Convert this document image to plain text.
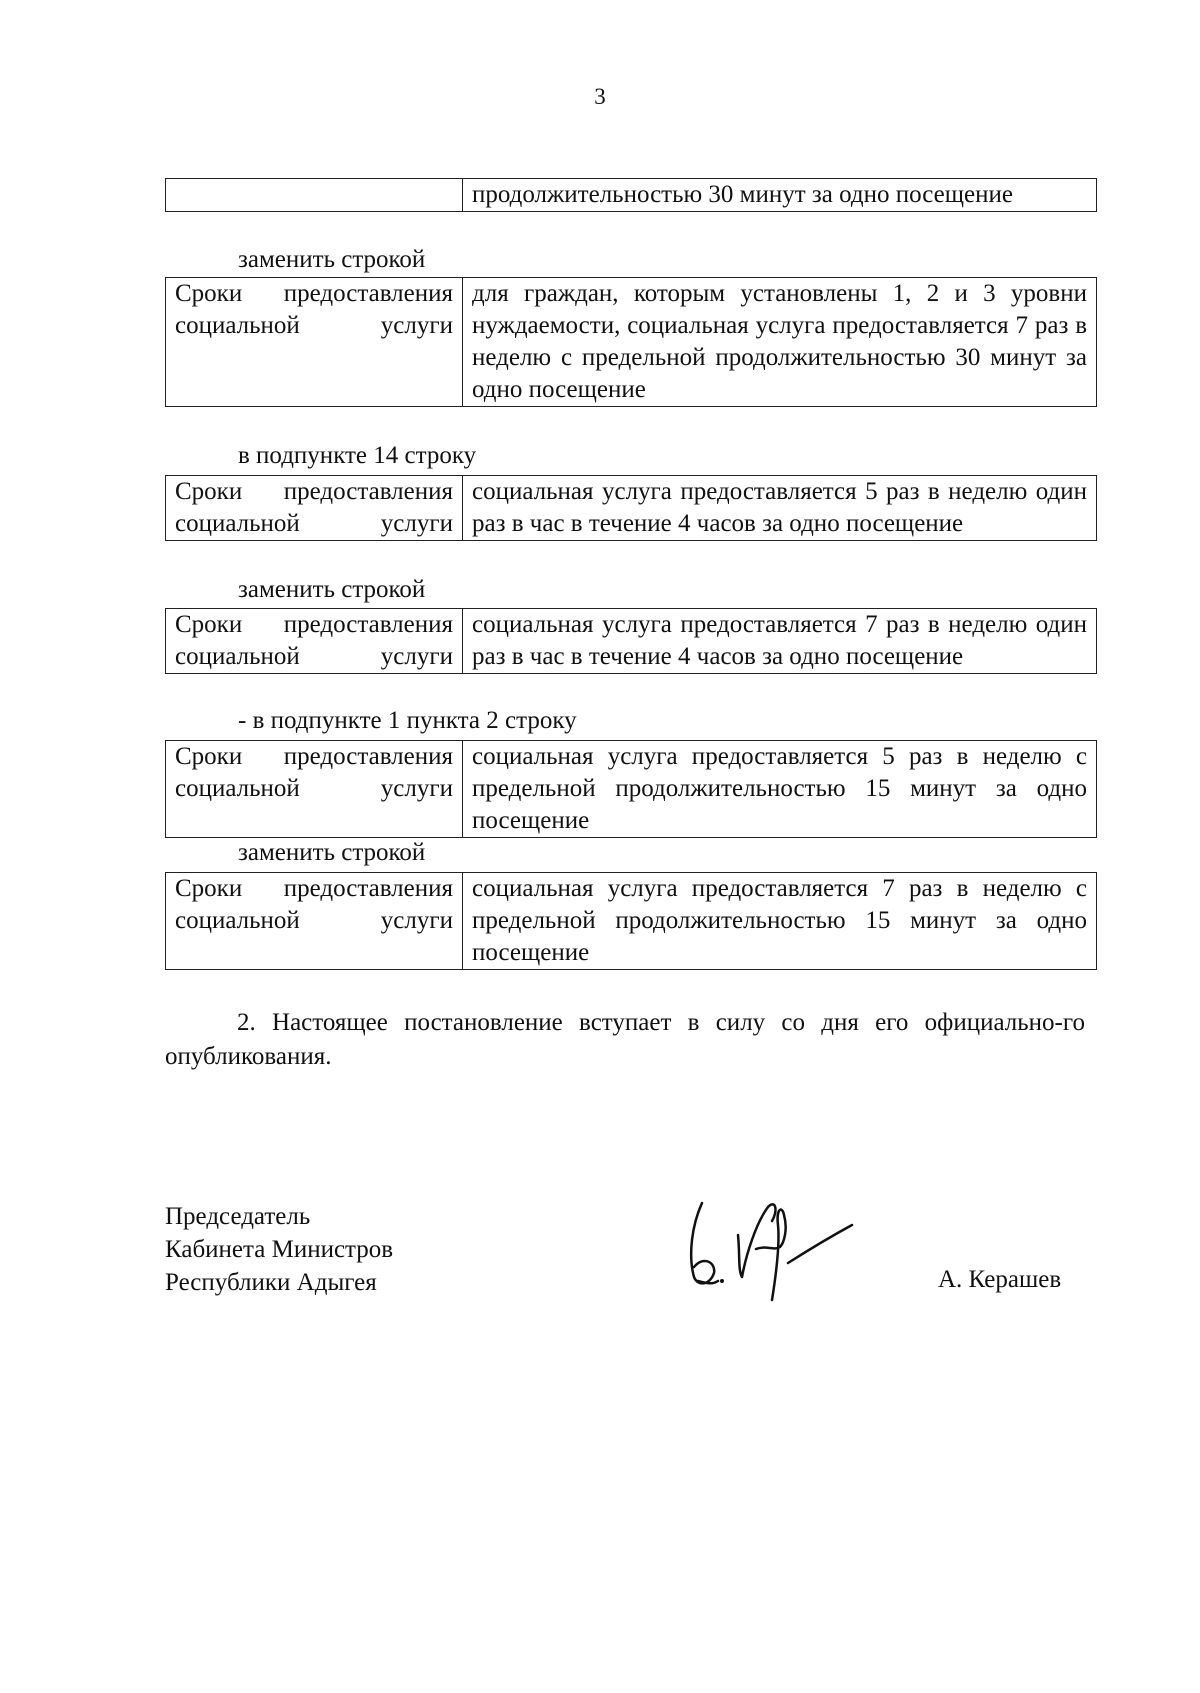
3
	продолжительностью 30 минут за одно посещение
заменить строкой
Сроки предоставления социальной услуги	для граждан, которым установлены 1, 2 и 3 уровни нуждаемости, социальная услуга предоставляется 7 раз в неделю с предельной продолжительностью 30 минут за одно посещение
в подпункте 14 строку
Сроки предоставления социальной услуги	социальная услуга предоставляется 5 раз в неделю один раз в час в течение 4 часов за одно посещение
заменить строкой
Сроки предоставления социальной услуги	социальная услуга предоставляется 7 раз в неделю один раз в час в течение 4 часов за одно посещение
- в подпункте 1 пункта 2 строку
Сроки предоставления социальной услуги	социальная услуга предоставляется 5 раз в неделю с предельной продолжительностью 15 минут за одно посещение
заменить строкой
Сроки предоставления социальной услуги	социальная услуга предоставляется 7 раз в неделю с предельной продолжительностью 15 минут за одно посещение
2. Настоящее постановление вступает в силу со дня его официально-го опубликования.
Председатель
Кабинета Министров
Республики Адыгея	А. Керашев
